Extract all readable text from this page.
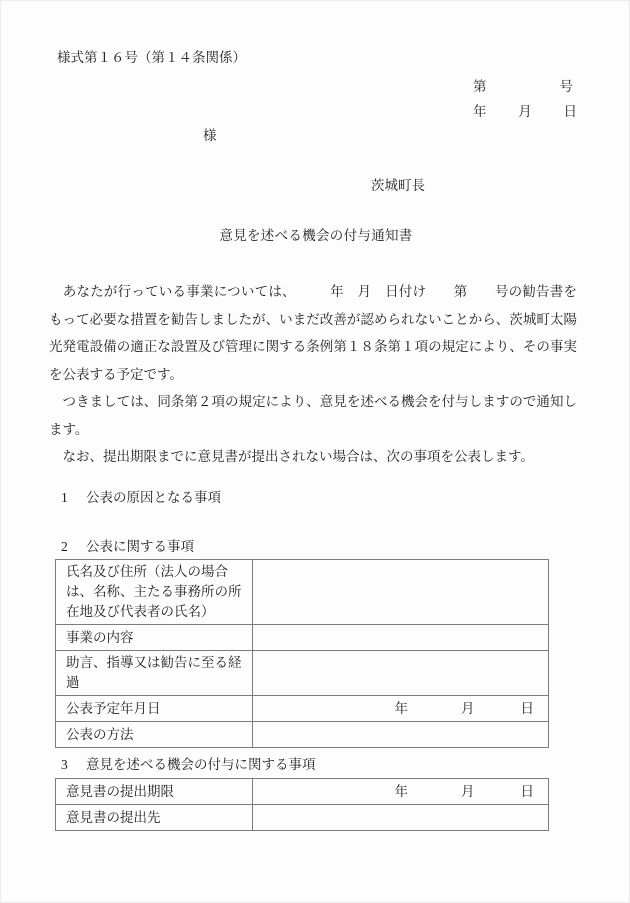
様式第１６号（第１４条関係）
第	号
年 月 日
様
茨城町長
意見を述べる機会の付与通知書

　あなたが行っている事業については、　　　年　月　日付け　　第　　号の勧告書をもって必要な措置を勧告しましたが、いまだ改善が認められないことから、茨城町太陽光発電設備の適正な設置及び管理に関する条例第１８条第１項の規定により、その事実を公表する予定です。

　つきましては、同条第２項の規定により、意見を述べる機会を付与しますので通知します。

　なお、提出期限までに意見書が提出されない場合は、次の事項を公表します。

1 公表の原因となる事項
2 公表に関する事項
氏名及び住所（法人の場合は、名称、主たる事務所の所在地及び代表者の氏名）	
事業の内容	
助言、指導又は勧告に至る経過	
公表予定年月日	年 月 日

公表の方法	
3 意見を述べる機会の付与に関する事項
意見書の提出期限	年 月 日

意見書の提出先	
